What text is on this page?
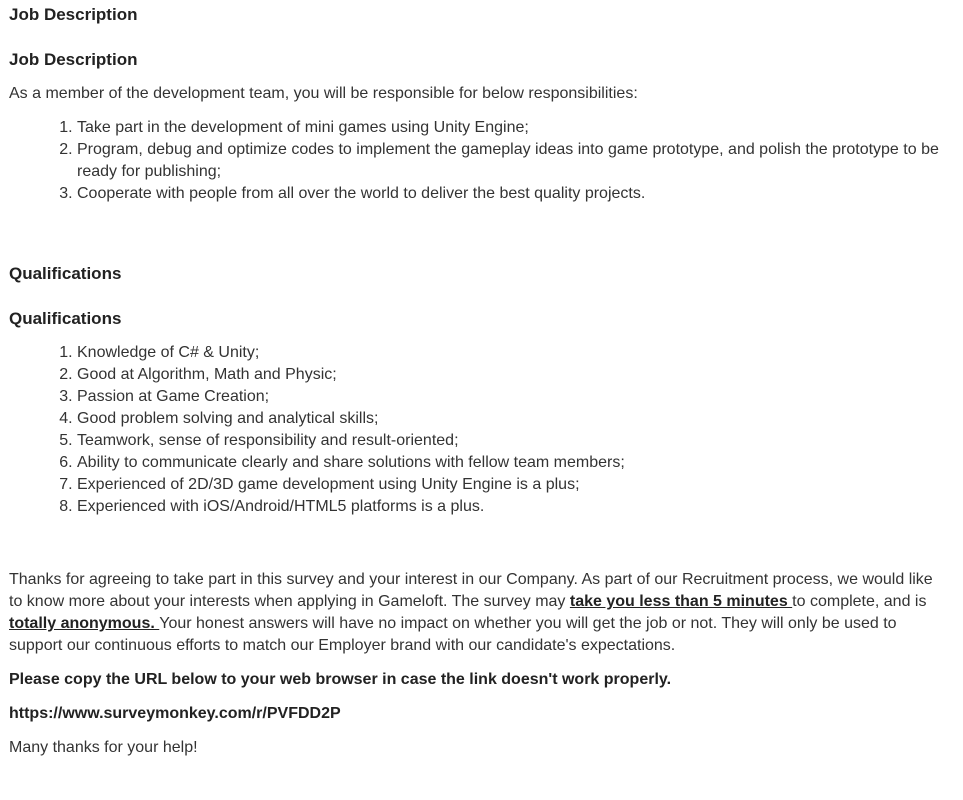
Job Description
Job Description

As a member of the development team, you will be responsible for below responsibilities:

1. Take part in the development of mini games using Unity Engine;
2. Program, debug and optimize codes to implement the gameplay ideas into game prototype, and polish the prototype to be ready for publishing;
3. Cooperate with people from all over the world to deliver the best quality projects.
Qualifications
Qualifications
1. Knowledge of C# & Unity;
2. Good at Algorithm, Math and Physic;
3. Passion at Game Creation;
4. Good problem solving and analytical skills;
5. Teamwork, sense of responsibility and result-oriented;
6. Ability to communicate clearly and share solutions with fellow team members;
7. Experienced of 2D/3D game development using Unity Engine is a plus;
8. Experienced with iOS/Android/HTML5 platforms is a plus.

Thanks for agreeing to take part in this survey and your interest in our Company. As part of our Recruitment process, we would like to know more about your interests when applying in Gameloft. The survey may take you less than 5 minutes to complete, and is totally anonymous. Your honest answers will have no impact on whether you will get the job or not. They will only be used to support our continuous efforts to match our Employer brand with our candidate's expectations.

Please copy the URL below to your web browser in case the link doesn't work properly.

https://www.surveymonkey.com/r/PVFDD2P

Many thanks for your help!
